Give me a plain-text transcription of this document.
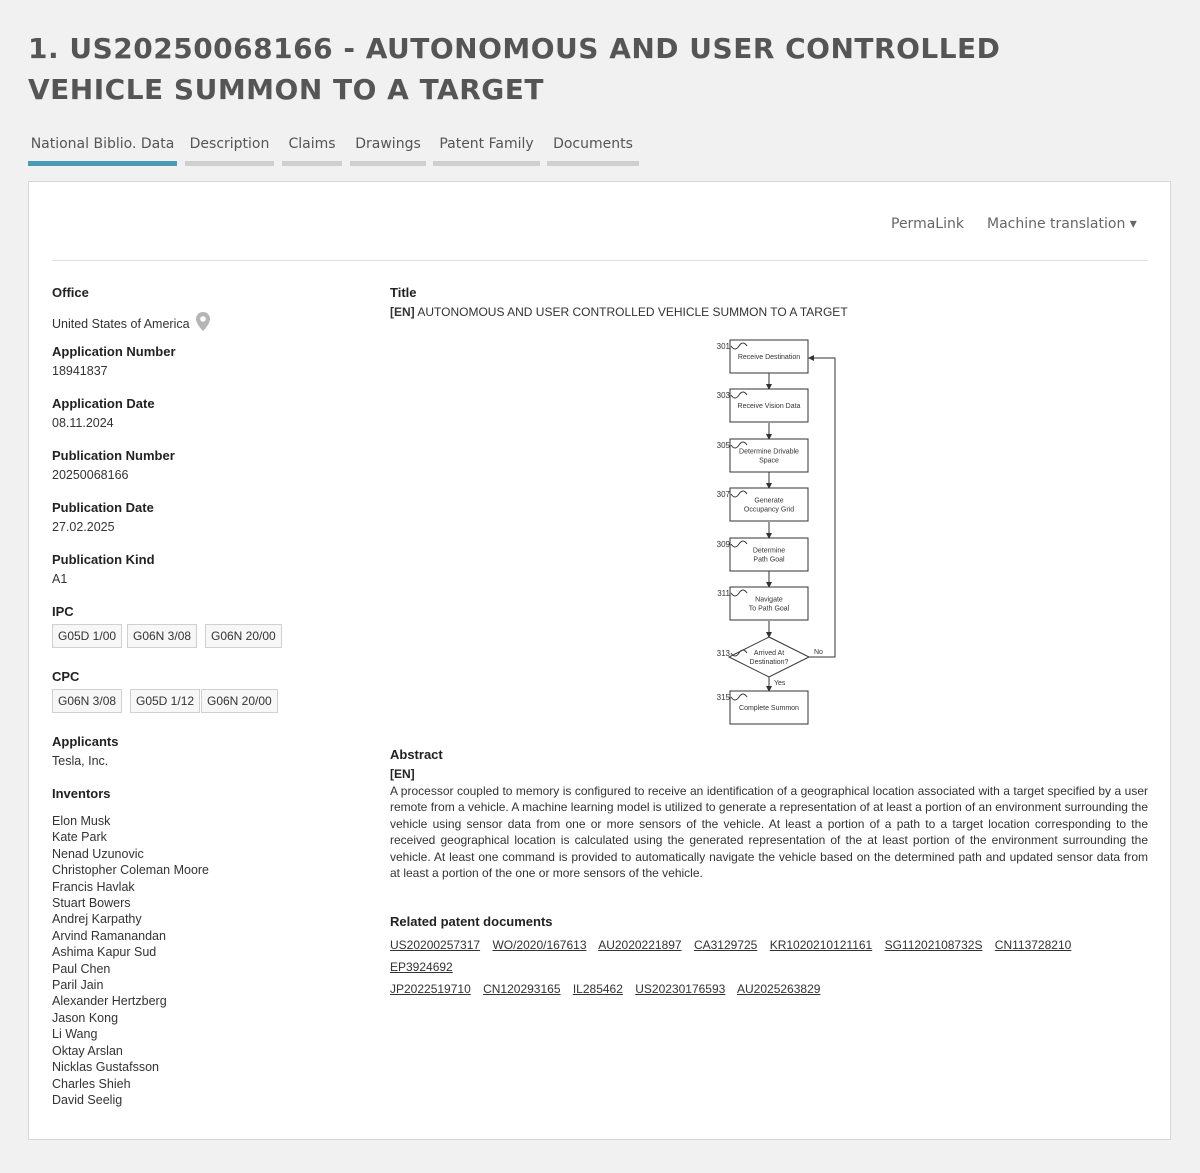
1. US20250068166 - AUTONOMOUS AND USER CONTROLLED VEHICLE SUMMON TO A TARGET
National Biblio. Data	Description	Claims	Drawings	Patent Family	Documents
PermaLink Machine translation ▾
Office
United States of America
Application Number
18941837
Application Date
08.11.2024
Publication Number
20250068166
Publication Date
27.02.2025
Publication Kind
A1
IPC
G05D 1/00	G06N 3/08	G06N 20/00
CPC
G06N 3/08	G05D 1/12	G06N 20/00
Applicants
Tesla, Inc.
Inventors
Elon Musk
Kate Park
Nenad Uzunovic
Christopher Coleman Moore
Francis Havlak
Stuart Bowers
Andrej Karpathy
Arvind Ramanandan
Ashima Kapur Sud
Paul Chen
Paril Jain
Alexander Hertzberg
Jason Kong
Li Wang
Oktay Arslan
Nicklas Gustafsson
Charles Shieh
David Seelig
Title
[EN] AUTONOMOUS AND USER CONTROLLED VEHICLE SUMMON TO A TARGET
Receive Destination
301
Receive Vision Data
303
Determine Drivable
Space
305
Generate
Occupancy Grid
307
Determine
Path Goal
309
Navigate
To Path Goal
311
Arrived At
Destination?
313
Complete Summon
315
No
Yes
Abstract
[EN]

A processor coupled to memory is configured to receive an identification of a geographical location associated with a target specified by a user remote from a vehicle. A machine learning model is utilized to generate a representation of at least a portion of an environment surrounding the vehicle using sensor data from one or more sensors of the vehicle. At least a portion of a path to a target location corresponding to the received geographical location is calculated using the generated representation of the at least portion of the environment surrounding the vehicle. At least one command is provided to automatically navigate the vehicle based on the determined path and updated sensor data from at least a portion of the one or more sensors of the vehicle.

Related patent documents
US20200257317 WO/2020/167613 AU2020221897 CA3129725 KR1020210121161 SG11202108732S CN113728210 EP3924692
JP2022519710 CN120293165 IL285462 US20230176593 AU2025263829
